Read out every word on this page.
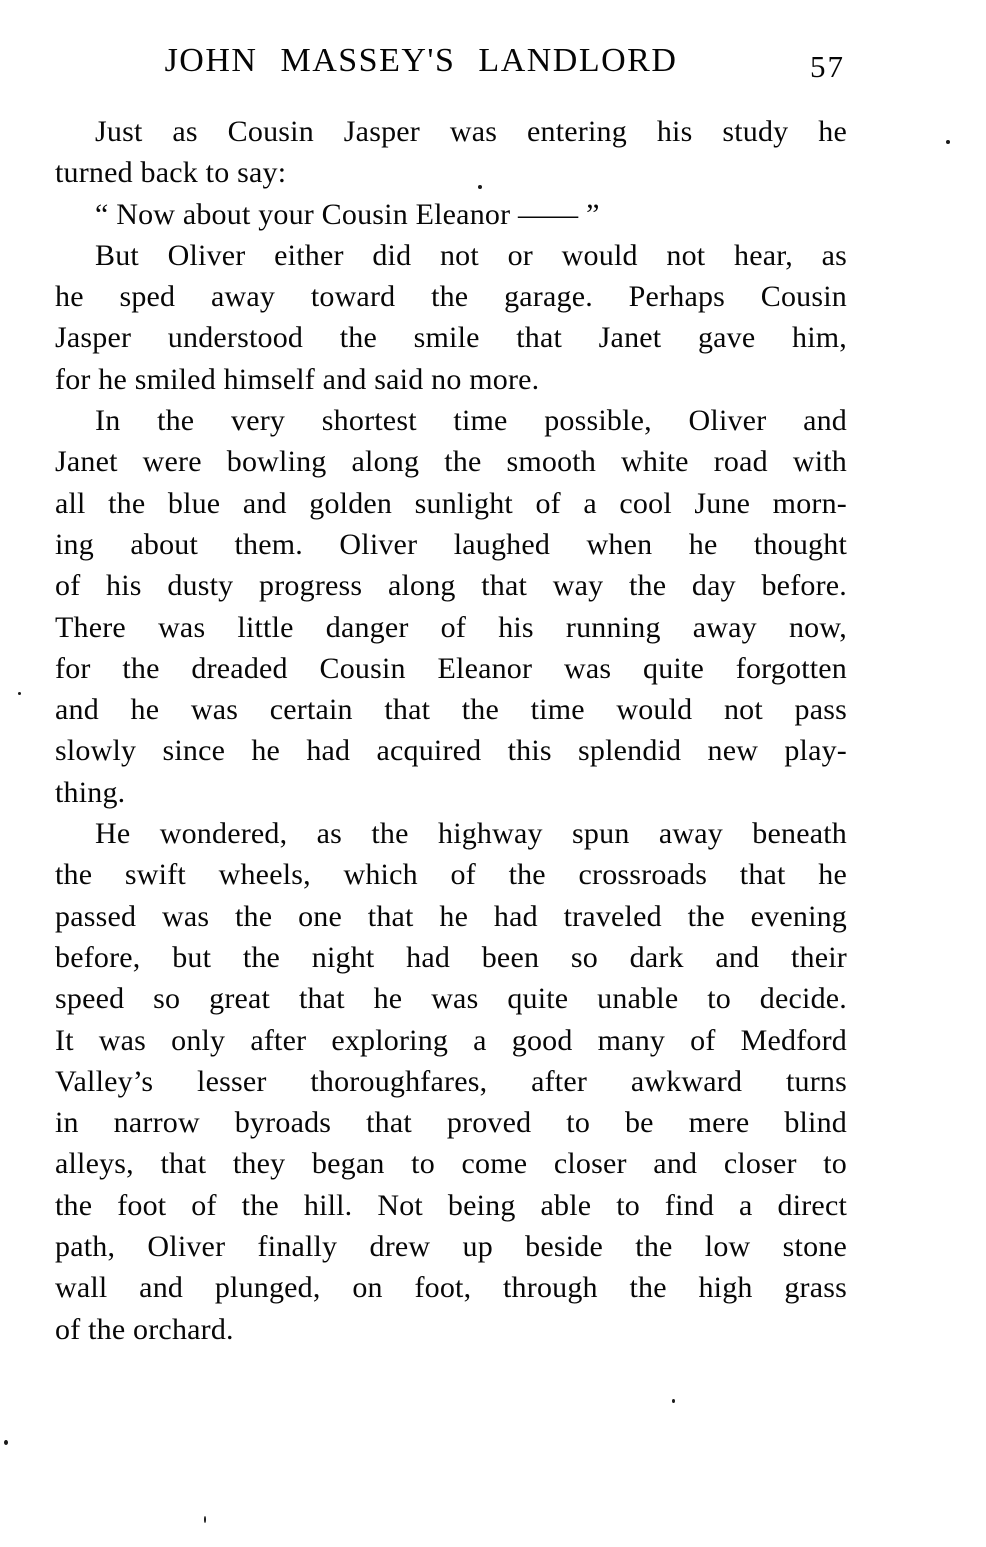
JOHN MASSEY'S LANDLORD	57
Just as Cousin Jasper was entering his study he
turned back to say:
“ Now about your Cousin Eleanor —— ”
But Oliver either did not or would not hear, as
he sped away toward the garage. Perhaps Cousin
Jasper understood the smile that Janet gave him,
for he smiled himself and said no more.
In the very shortest time possible, Oliver and
Janet were bowling along the smooth white road with
all the blue and golden sunlight of a cool June morn-
ing about them. Oliver laughed when he thought
of his dusty progress along that way the day before.
There was little danger of his running away now,
for the dreaded Cousin Eleanor was quite forgotten
and he was certain that the time would not pass
slowly since he had acquired this splendid new play-
thing.
He wondered, as the highway spun away beneath
the swift wheels, which of the crossroads that he
passed was the one that he had traveled the evening
before, but the night had been so dark and their
speed so great that he was quite unable to decide.
It was only after exploring a good many of Medford
Valley’s lesser thoroughfares, after awkward turns
in narrow byroads that proved to be mere blind
alleys, that they began to come closer and closer to
the foot of the hill. Not being able to find a direct
path, Oliver finally drew up beside the low stone
wall and plunged, on foot, through the high grass
of the orchard.
